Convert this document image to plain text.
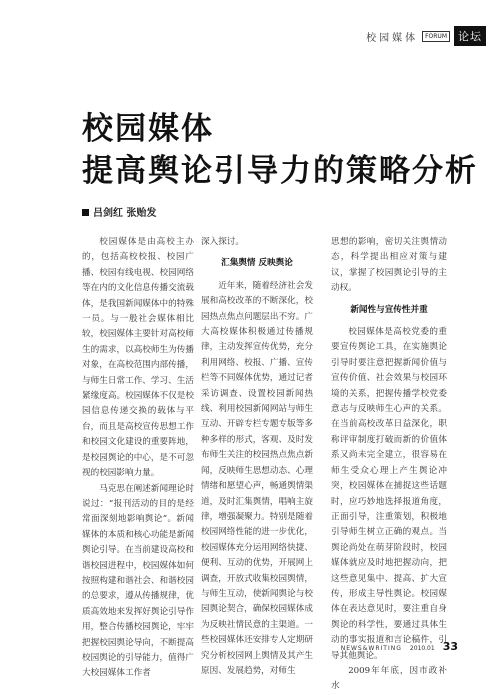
校园媒体	FORUM	论坛
校园媒体
提高舆论引导力的策略分析
吕剑红 张贻发

校园媒体是由高校主办的，包括高校校报、校园广播、校园有线电视、校园网络等在内的文化信息传播交流载体，是我国新闻媒体中的特殊一员。与一般社会媒体相比较，校园媒体主要针对高校师生的需求，以高校师生为传播对象，在高校范围内部传播，与师生日常工作、学习、生活紧缘度高。校园媒体不仅是校园信息传递交换的载体与平台，而且是高校宣传思想工作和校园文化建设的重要阵地，是校园舆论的中心，是不可忽视的校园影响力量。

马克思在阐述新闻理论时说过：“报刊活动的目的是经常面深刻地影响舆论”。新闻媒体的本质和核心功能是新闻舆论引导。在当前建设高校和谐校园进程中，校园媒体如何按照构建和谐社会、和谐校园的总要求，遵从传播规律，优质高效地来发挥好舆论引导作用，整合传播校园舆论，牢牢把握校园舆论导向，不断提高校园舆论的引导能力，值得广大校园媒体工作者

深入探讨。

汇集舆情 反映舆论

近年来，随着经济社会发展和高校改革的不断深化，校园热点焦点问题层出不穷。广大高校媒体积极通过传播规律，主动发挥宣传优势，充分利用网络、校报、广播、宣传栏等不同媒体优势，通过记者采访调查、设置校园新闻热线、利用校园新闻网站与师生互动、开辟专栏专题专版等多种多样的形式，客观、及时发布师生关注的校园热点焦点新闻，反映师生思想动态、心理情绪和愿望心声，畅通舆情渠道，及时汇集舆情，唱响主旋律，增强凝聚力。特别是随着校园网络性能的进一步优化，校园媒体充分运用网络快捷、便利、互动的优势，开展网上调查，开放式收集校园舆情，与师生互动，使新闻舆论与校园舆论契合，确保校园媒体成为反映社情民意的主渠道。一些校园媒体还安排专人定期研究分析校园网上舆情及其产生原因、发展趋势，对师生

思想的影响，密切关注舆情动态，科学提出相应对策与建议，掌握了校园舆论引导的主动权。

新闻性与宣传性并重

校园媒体是高校党委的重要宣传舆论工具，在实施舆论引导时要注意把握新闻价值与宣传价值、社会效果与校园环境的关系，把握传播学校党委意志与反映师生心声的关系。在当前高校改革日益深化，职称评审制度打破而新的价值体系又尚未完全建立，很容易在师生受众心理上产生舆论冲突，校园媒体在捕捉这些话题时，应巧妙地选择报道角度，正面引导，注重策划，积极地引导师生树立正确的观点。当舆论尚处在萌芽阶段时，校园媒体就应及时地把握动向，把这些意见集中、提高、扩大宣传，形成主导性舆论。校园媒体在表达意见时，要注重自身舆论的科学性，要通过具体生动的事实报道和言论稿件，引导其他舆论。

2009年年底，因市政补水

NEWS&WRITING 2010.01 33
